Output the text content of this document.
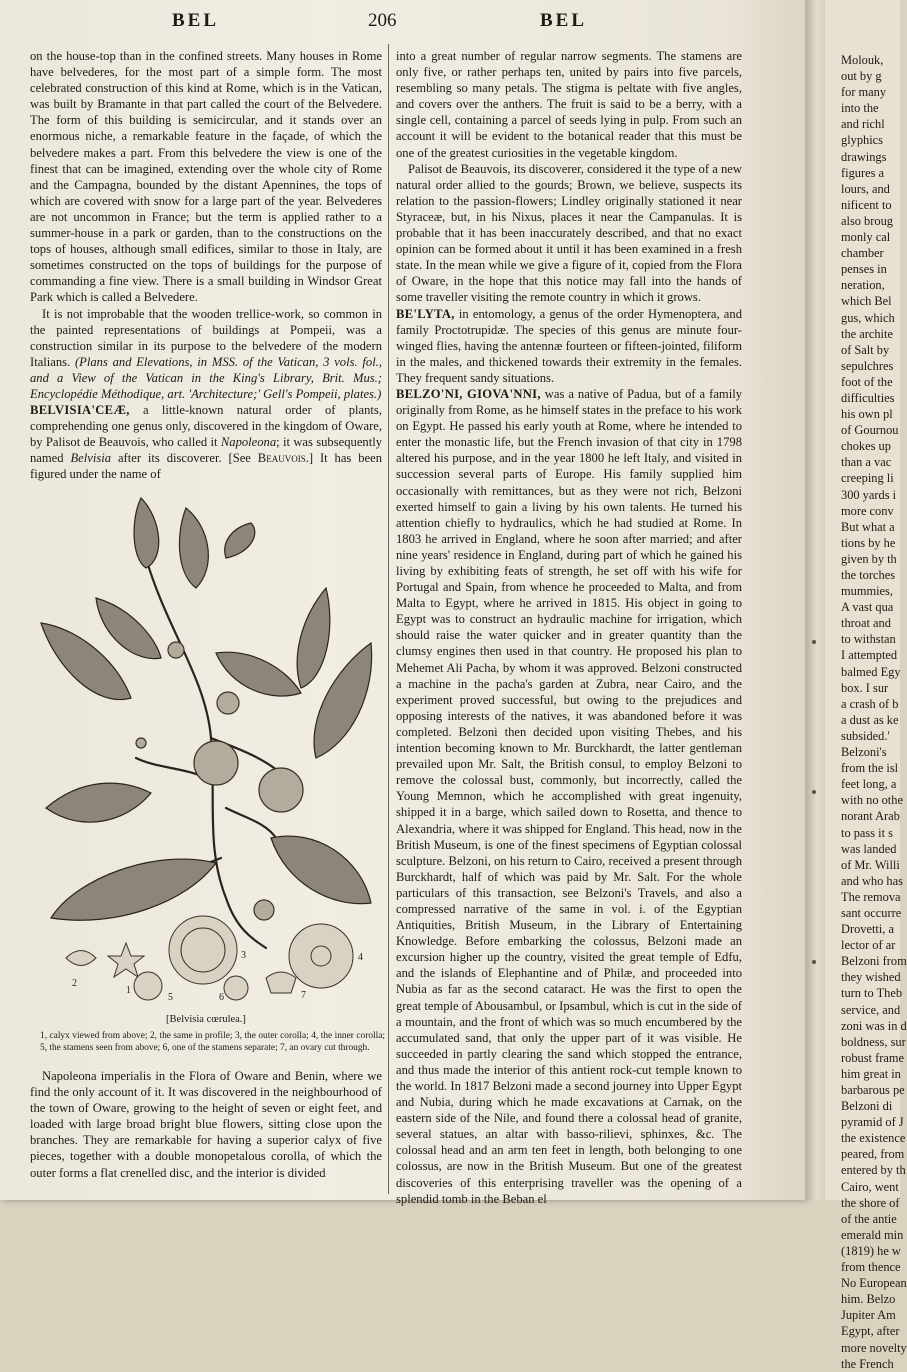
BEL	206	BEL

on the house-top than in the confined streets. Many houses in Rome have belvederes, for the most part of a simple form. The most celebrated construction of this kind at Rome, which is in the Vatican, was built by Bramante in that part called the court of the Belvedere. The form of this building is semicircular, and it stands over an enormous niche, a remarkable feature in the façade, of which the belvedere makes a part. From this belvedere the view is one of the finest that can be imagined, extending over the whole city of Rome and the Campagna, bounded by the distant Apennines, the tops of which are covered with snow for a large part of the year. Belvederes are not uncommon in France; but the term is applied rather to a summer-house in a park or garden, than to the constructions on the tops of houses, although small edifices, similar to those in Italy, are sometimes constructed on the tops of buildings for the purpose of commanding a fine view. There is a small building in Windsor Great Park which is called a Belvedere.

It is not improbable that the wooden trellice-work, so common in the painted representations of buildings at Pompeii, was a construction similar in its purpose to the belvedere of the modern Italians. (Plans and Elevations, in MSS. of the Vatican, 3 vols. fol., and a View of the Vatican in the King's Library, Brit. Mus.; Encyclopédie Méthodique, art. 'Architecture;' Gell's Pompeii, plates.)

BELVISIA'CEÆ, a little-known natural order of plants, comprehending one genus only, discovered in the kingdom of Oware, by Palisot de Beauvois, who called it Napoleona; it was subsequently named Belvisia after its discoverer. [See Beauvois.] It has been figured under the name of

1
2
3	4
5	6	7
[Belvisia cœrulea.]
1, calyx viewed from above; 2, the same in profile; 3, the outer corolla; 4, the inner corolla; 5, the stamens seen from above; 6, one of the stamens separate; 7, an ovary cut through.

Napoleona imperialis in the Flora of Oware and Benin, where we find the only account of it. It was discovered in the neighbourhood of the town of Oware, growing to the height of seven or eight feet, and loaded with large broad bright blue flowers, sitting close upon the branches. They are remarkable for having a superior calyx of five pieces, together with a double monopetalous corolla, of which the outer forms a flat crenelled disc, and the interior is divided

into a great number of regular narrow segments. The stamens are only five, or rather perhaps ten, united by pairs into five parcels, resembling so many petals. The stigma is peltate with five angles, and covers over the anthers. The fruit is said to be a berry, with a single cell, containing a parcel of seeds lying in pulp. From such an account it will be evident to the botanical reader that this must be one of the greatest curiosities in the vegetable kingdom.

Palisot de Beauvois, its discoverer, considered it the type of a new natural order allied to the gourds; Brown, we believe, suspects its relation to the passion-flowers; Lindley originally stationed it near Styraceæ, but, in his Nixus, places it near the Campanulas. It is probable that it has been inaccurately described, and that no exact opinion can be formed about it until it has been examined in a fresh state. In the mean while we give a figure of it, copied from the Flora of Oware, in the hope that this notice may fall into the hands of some traveller visiting the remote country in which it grows.

BE'LYTA, in entomology, a genus of the order Hymenoptera, and family Proctotrupidæ. The species of this genus are minute four-winged flies, having the antennæ fourteen or fifteen-jointed, filiform in the males, and thickened towards their extremity in the females. They frequent sandy situations.

BELZO'NI, GIOVA'NNI, was a native of Padua, but of a family originally from Rome, as he himself states in the preface to his work on Egypt. He passed his early youth at Rome, where he intended to enter the monastic life, but the French invasion of that city in 1798 altered his purpose, and in the year 1800 he left Italy, and visited in succession several parts of Europe. His family supplied him occasionally with remittances, but as they were not rich, Belzoni exerted himself to gain a living by his own talents. He turned his attention chiefly to hydraulics, which he had studied at Rome. In 1803 he arrived in England, where he soon after married; and after nine years' residence in England, during part of which he gained his living by exhibiting feats of strength, he set off with his wife for Portugal and Spain, from whence he proceeded to Malta, and from Malta to Egypt, where he arrived in 1815. His object in going to Egypt was to construct an hydraulic machine for irrigation, which should raise the water quicker and in greater quantity than the clumsy engines then used in that country. He proposed his plan to Mehemet Ali Pacha, by whom it was approved. Belzoni constructed a machine in the pacha's garden at Zubra, near Cairo, and the experiment proved successful, but owing to the prejudices and opposing interests of the natives, it was abandoned before it was completed. Belzoni then decided upon visiting Thebes, and his intention becoming known to Mr. Burckhardt, the latter gentleman prevailed upon Mr. Salt, the British consul, to employ Belzoni to remove the colossal bust, commonly, but incorrectly, called the Young Memnon, which he accomplished with great ingenuity, shipped it in a barge, which sailed down to Rosetta, and thence to Alexandria, where it was shipped for England. This head, now in the British Museum, is one of the finest specimens of Egyptian colossal sculpture. Belzoni, on his return to Cairo, received a present through Burckhardt, half of which was paid by Mr. Salt. For the whole particulars of this transaction, see Belzoni's Travels, and also a compressed narrative of the same in vol. i. of the Egyptian Antiquities, British Museum, in the Library of Entertaining Knowledge. Before embarking the colossus, Belzoni made an excursion higher up the country, visited the great temple of Edfu, and the islands of Elephantine and of Philæ, and proceeded into Nubia as far as the second cataract. He was the first to open the great temple of Abousambul, or Ipsambul, which is cut in the side of a mountain, and the front of which was so much encumbered by the accumulated sand, that only the upper part of it was visible. He succeeded in partly clearing the sand which stopped the entrance, and thus made the interior of this antient rock-cut temple known to the world. In 1817 Belzoni made a second journey into Upper Egypt and Nubia, during which he made excavations at Carnak, on the eastern side of the Nile, and found there a colossal head of granite, several statues, an altar with basso-rilievi, sphinxes, &c. The colossal head and an arm ten feet in length, both belonging to one colossus, are now in the British Museum. But one of the greatest discoveries of this enterprising traveller was the opening of a splendid tomb in the Beban el

Molouk,
out by g
for many
into the
and richl
glyphics
drawings
figures a
lours, and
nificent to
also broug
monly cal
chamber
penses in
neration,
which Bel
gus, which
the archite
of Salt by
sepulchres
foot of the
difficulties
his own pl
of Gournou
chokes up
than a vac
creeping li
300 yards i
more conv
But what a
tions by he
given by th
the torches
mummies,
A vast qua
throat and
to withstan
I attempted
balmed Egy
box. I sur
a crash of b
a dust as ke
subsided.'
Belzoni's
from the isl
feet long, a
with no othe
norant Arab
to pass it s
was landed
of Mr. Willi
and who has
The remova
sant occurre
Drovetti, a
lector of ar
Belzoni from
they wished
turn to Theb
service, and
zoni was in d
boldness, sur
robust frame
him great in
barbarous pe
Belzoni di
pyramid of J
the existence
peared, from
entered by th
Cairo, went
the shore of
of the antie
emerald min
(1819) he w
from thence
No European
him. Belzo
Jupiter Am
Egypt, after
more novelty
the French
